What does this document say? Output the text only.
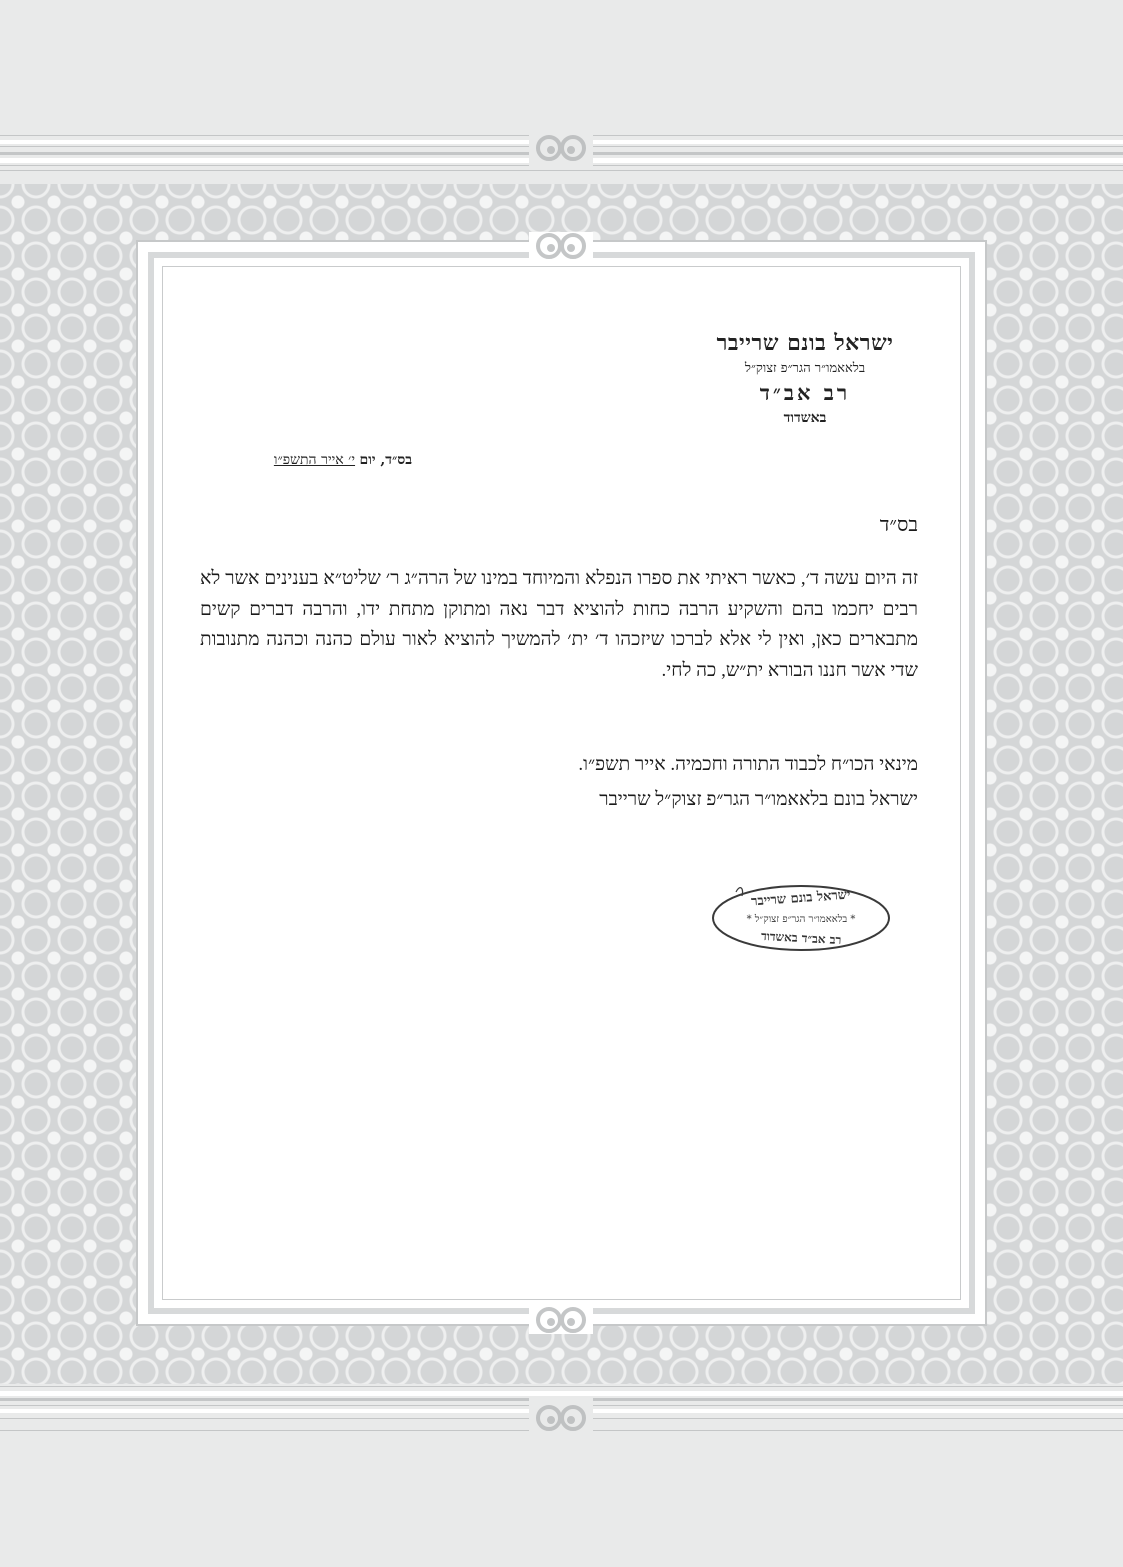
ישראל בונם שרייבר
בלאאמו״ר הגר״פ זצוק״ל
רב אב״ד
באשדוד
בס״ד, יום י׳ אייר התשפ״ו
בס״ד
זה היום עשה ד׳, כאשר ראיתי את ספרו הנפלא והמיוחד במינו של הרה״ג ר׳ שליט״א בענינים אשר לא רבים יחכמו בהם והשקיע הרבה כחות להוציא דבר נאה ומתוקן מתחת ידו, והרבה דברים קשים מתבארים כאן, ואין לי אלא לברכו שיזכהו ד׳ ית׳ להמשיך להוציא לאור עולם כהנה וכהנה מתנובות שדי אשר חננו הבורא ית״ש, כה לחי.
מינאי הכו״ח לכבוד התורה וחכמיה. אייר תשפ״ו.
ישראל בונם בלאאמו״ר הגר״פ זצוק״ל שרייבר
ישראל בונם שרייבר
* בלאאמו״ר הגר״פ זצוק״ל *
רב אב״ד באשדוד
